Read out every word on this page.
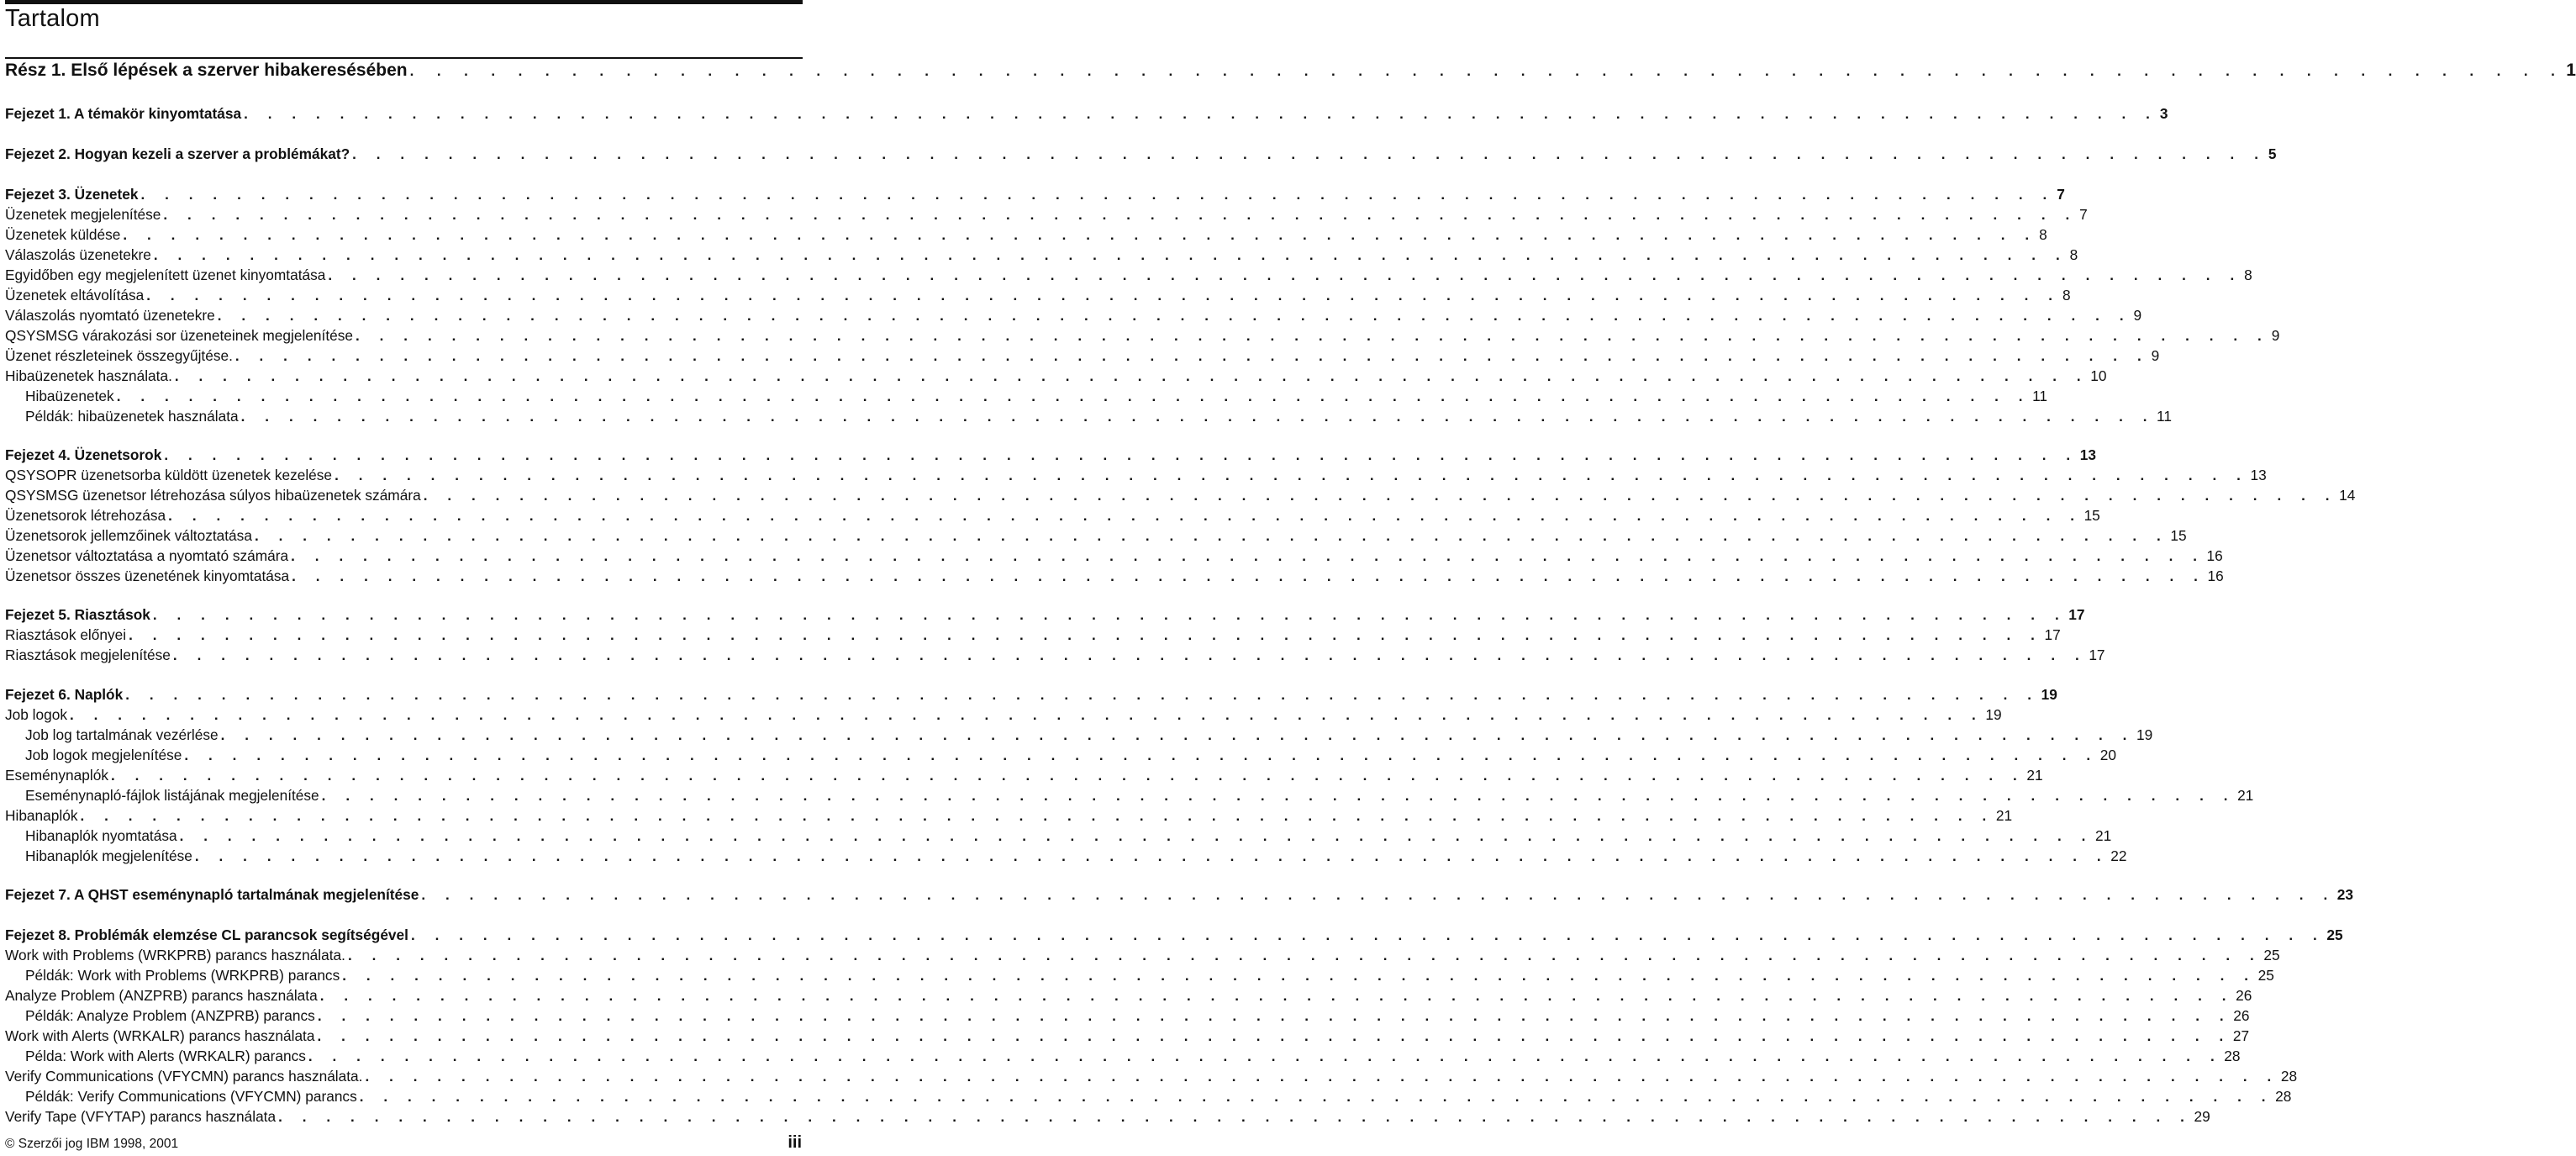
Tartalom
Rész 1. Első lépések a szerver hibakeresésében . . . . . . . . . . . . . . . . . . . . . . . . . . . . . . . . . . . . . . . . . . . . . . . . . . . . . . . . . . . . . . . . . . . . . . . . . . . . . . . . 1
Fejezet 1. A témakör kinyomtatása . . . . . . . . . . . . . . . . . . . . . . . . . . . . . . . . . . . . . . . . . . . . . . . . . . . . . . . . . . . . . . . . . . . . . . . . . . . . . . . . 3
Fejezet 2. Hogyan kezeli a szerver a problémákat? . . . . . . . . . . . . . . . . . . . . . . . . . . . . . . . . . . . . . . . . . . . . . . . . . . . . . . . . . . . . . . . . . . . . . . . . . . . . . . . . 5
Fejezet 3. Üzenetek . . . . . . . . . . . . . . . . . . . . . . . . . . . . . . . . . . . . . . . . . . . . . . . . . . . . . . . . . . . . . . . . . . . . . . . . . . . . . . . . 7
Üzenetek megjelenítése . . . . . . . . . . . . . . . . . . . . . . . . . . . . . . . . . . . . . . . . . . . . . . . . . . . . . . . . . . . . . . . . . . . . . . . . . . . . . . . . 7
Üzenetek küldése . . . . . . . . . . . . . . . . . . . . . . . . . . . . . . . . . . . . . . . . . . . . . . . . . . . . . . . . . . . . . . . . . . . . . . . . . . . . . . . . 8
Válaszolás üzenetekre . . . . . . . . . . . . . . . . . . . . . . . . . . . . . . . . . . . . . . . . . . . . . . . . . . . . . . . . . . . . . . . . . . . . . . . . . . . . . . . . 8
Egyidőben egy megjelenített üzenet kinyomtatása . . . . . . . . . . . . . . . . . . . . . . . . . . . . . . . . . . . . . . . . . . . . . . . . . . . . . . . . . . . . . . . . . . . . . . . . . . . . . . . . 8
Üzenetek eltávolítása . . . . . . . . . . . . . . . . . . . . . . . . . . . . . . . . . . . . . . . . . . . . . . . . . . . . . . . . . . . . . . . . . . . . . . . . . . . . . . . . 8
Válaszolás nyomtató üzenetekre . . . . . . . . . . . . . . . . . . . . . . . . . . . . . . . . . . . . . . . . . . . . . . . . . . . . . . . . . . . . . . . . . . . . . . . . . . . . . . . . 9
QSYSMSG várakozási sor üzeneteinek megjelenítése . . . . . . . . . . . . . . . . . . . . . . . . . . . . . . . . . . . . . . . . . . . . . . . . . . . . . . . . . . . . . . . . . . . . . . . . . . . . . . . . 9
Üzenet részleteinek összegyűjtése. . . . . . . . . . . . . . . . . . . . . . . . . . . . . . . . . . . . . . . . . . . . . . . . . . . . . . . . . . . . . . . . . . . . . . . . . . . . . . . . . 9
Hibaüzenetek használata. . . . . . . . . . . . . . . . . . . . . . . . . . . . . . . . . . . . . . . . . . . . . . . . . . . . . . . . . . . . . . . . . . . . . . . . . . . . . . . . . 10
Hibaüzenetek . . . . . . . . . . . . . . . . . . . . . . . . . . . . . . . . . . . . . . . . . . . . . . . . . . . . . . . . . . . . . . . . . . . . . . . . . . . . . . . . 11
Példák: hibaüzenetek használata . . . . . . . . . . . . . . . . . . . . . . . . . . . . . . . . . . . . . . . . . . . . . . . . . . . . . . . . . . . . . . . . . . . . . . . . . . . . . . . . 11
Fejezet 4. Üzenetsorok . . . . . . . . . . . . . . . . . . . . . . . . . . . . . . . . . . . . . . . . . . . . . . . . . . . . . . . . . . . . . . . . . . . . . . . . . . . . . . . . 13
QSYSOPR üzenetsorba küldött üzenetek kezelése . . . . . . . . . . . . . . . . . . . . . . . . . . . . . . . . . . . . . . . . . . . . . . . . . . . . . . . . . . . . . . . . . . . . . . . . . . . . . . . . 13
QSYSMSG üzenetsor létrehozása súlyos hibaüzenetek számára . . . . . . . . . . . . . . . . . . . . . . . . . . . . . . . . . . . . . . . . . . . . . . . . . . . . . . . . . . . . . . . . . . . . . . . . . . . . . . . . 14
Üzenetsorok létrehozása . . . . . . . . . . . . . . . . . . . . . . . . . . . . . . . . . . . . . . . . . . . . . . . . . . . . . . . . . . . . . . . . . . . . . . . . . . . . . . . . 15
Üzenetsorok jellemzőinek változtatása . . . . . . . . . . . . . . . . . . . . . . . . . . . . . . . . . . . . . . . . . . . . . . . . . . . . . . . . . . . . . . . . . . . . . . . . . . . . . . . . 15
Üzenetsor változtatása a nyomtató számára . . . . . . . . . . . . . . . . . . . . . . . . . . . . . . . . . . . . . . . . . . . . . . . . . . . . . . . . . . . . . . . . . . . . . . . . . . . . . . . . 16
Üzenetsor összes üzenetének kinyomtatása . . . . . . . . . . . . . . . . . . . . . . . . . . . . . . . . . . . . . . . . . . . . . . . . . . . . . . . . . . . . . . . . . . . . . . . . . . . . . . . . 16
Fejezet 5. Riasztások . . . . . . . . . . . . . . . . . . . . . . . . . . . . . . . . . . . . . . . . . . . . . . . . . . . . . . . . . . . . . . . . . . . . . . . . . . . . . . . . 17
Riasztások előnyei . . . . . . . . . . . . . . . . . . . . . . . . . . . . . . . . . . . . . . . . . . . . . . . . . . . . . . . . . . . . . . . . . . . . . . . . . . . . . . . . 17
Riasztások megjelenítése . . . . . . . . . . . . . . . . . . . . . . . . . . . . . . . . . . . . . . . . . . . . . . . . . . . . . . . . . . . . . . . . . . . . . . . . . . . . . . . . 17
Fejezet 6. Naplók . . . . . . . . . . . . . . . . . . . . . . . . . . . . . . . . . . . . . . . . . . . . . . . . . . . . . . . . . . . . . . . . . . . . . . . . . . . . . . . . 19
Job logok . . . . . . . . . . . . . . . . . . . . . . . . . . . . . . . . . . . . . . . . . . . . . . . . . . . . . . . . . . . . . . . . . . . . . . . . . . . . . . . . 19
Job log tartalmának vezérlése . . . . . . . . . . . . . . . . . . . . . . . . . . . . . . . . . . . . . . . . . . . . . . . . . . . . . . . . . . . . . . . . . . . . . . . . . . . . . . . . 19
Job logok megjelenítése . . . . . . . . . . . . . . . . . . . . . . . . . . . . . . . . . . . . . . . . . . . . . . . . . . . . . . . . . . . . . . . . . . . . . . . . . . . . . . . . 20
Eseménynaplók . . . . . . . . . . . . . . . . . . . . . . . . . . . . . . . . . . . . . . . . . . . . . . . . . . . . . . . . . . . . . . . . . . . . . . . . . . . . . . . . 21
Eseménynapló-fájlok listájának megjelenítése . . . . . . . . . . . . . . . . . . . . . . . . . . . . . . . . . . . . . . . . . . . . . . . . . . . . . . . . . . . . . . . . . . . . . . . . . . . . . . . . 21
Hibanaplók . . . . . . . . . . . . . . . . . . . . . . . . . . . . . . . . . . . . . . . . . . . . . . . . . . . . . . . . . . . . . . . . . . . . . . . . . . . . . . . . 21
Hibanaplók nyomtatása . . . . . . . . . . . . . . . . . . . . . . . . . . . . . . . . . . . . . . . . . . . . . . . . . . . . . . . . . . . . . . . . . . . . . . . . . . . . . . . . 21
Hibanaplók megjelenítése . . . . . . . . . . . . . . . . . . . . . . . . . . . . . . . . . . . . . . . . . . . . . . . . . . . . . . . . . . . . . . . . . . . . . . . . . . . . . . . . 22
Fejezet 7. A QHST eseménynapló tartalmának megjelenítése . . . . . . . . . . . . . . . . . . . . . . . . . . . . . . . . . . . . . . . . . . . . . . . . . . . . . . . . . . . . . . . . . . . . . . . . . . . . . . . . 23
Fejezet 8. Problémák elemzése CL parancsok segítségével . . . . . . . . . . . . . . . . . . . . . . . . . . . . . . . . . . . . . . . . . . . . . . . . . . . . . . . . . . . . . . . . . . . . . . . . . . . . . . . . 25
Work with Problems (WRKPRB) parancs használata. . . . . . . . . . . . . . . . . . . . . . . . . . . . . . . . . . . . . . . . . . . . . . . . . . . . . . . . . . . . . . . . . . . . . . . . . . . . . . . . . 25
Példák: Work with Problems (WRKPRB) parancs . . . . . . . . . . . . . . . . . . . . . . . . . . . . . . . . . . . . . . . . . . . . . . . . . . . . . . . . . . . . . . . . . . . . . . . . . . . . . . . . 25
Analyze Problem (ANZPRB) parancs használata . . . . . . . . . . . . . . . . . . . . . . . . . . . . . . . . . . . . . . . . . . . . . . . . . . . . . . . . . . . . . . . . . . . . . . . . . . . . . . . . 26
Példák: Analyze Problem (ANZPRB) parancs . . . . . . . . . . . . . . . . . . . . . . . . . . . . . . . . . . . . . . . . . . . . . . . . . . . . . . . . . . . . . . . . . . . . . . . . . . . . . . . . 26
Work with Alerts (WRKALR) parancs használata . . . . . . . . . . . . . . . . . . . . . . . . . . . . . . . . . . . . . . . . . . . . . . . . . . . . . . . . . . . . . . . . . . . . . . . . . . . . . . . . 27
Példa: Work with Alerts (WRKALR) parancs . . . . . . . . . . . . . . . . . . . . . . . . . . . . . . . . . . . . . . . . . . . . . . . . . . . . . . . . . . . . . . . . . . . . . . . . . . . . . . . . 28
Verify Communications (VFYCMN) parancs használata. . . . . . . . . . . . . . . . . . . . . . . . . . . . . . . . . . . . . . . . . . . . . . . . . . . . . . . . . . . . . . . . . . . . . . . . . . . . . . . . . 28
Példák: Verify Communications (VFYCMN) parancs . . . . . . . . . . . . . . . . . . . . . . . . . . . . . . . . . . . . . . . . . . . . . . . . . . . . . . . . . . . . . . . . . . . . . . . . . . . . . . . . 28
Verify Tape (VFYTAP) parancs használata . . . . . . . . . . . . . . . . . . . . . . . . . . . . . . . . . . . . . . . . . . . . . . . . . . . . . . . . . . . . . . . . . . . . . . . . . . . . . . . . 29
© Szerzői jog IBM 1998, 2001	iii
